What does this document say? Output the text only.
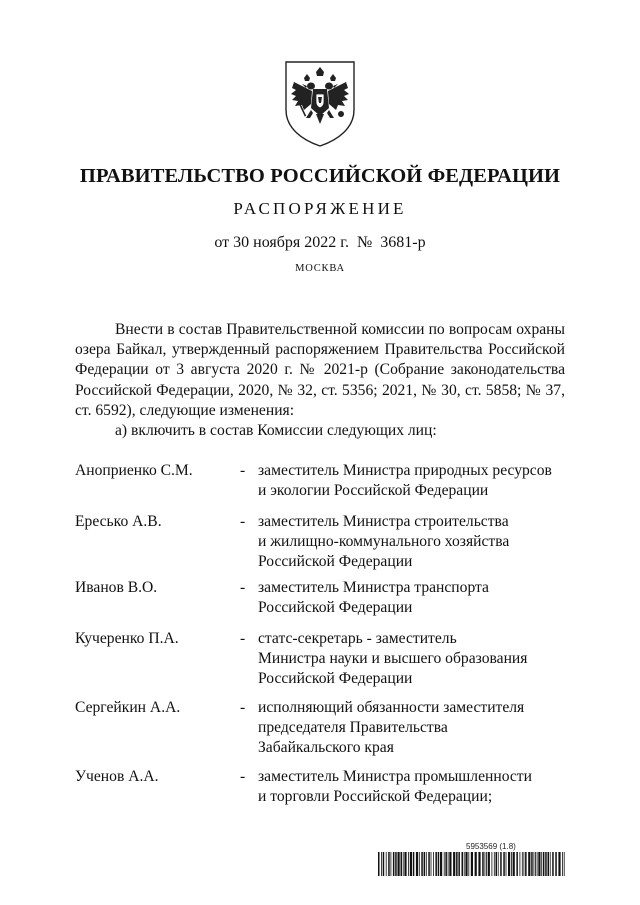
ПРАВИТЕЛЬСТВО РОССИЙСКОЙ ФЕДЕРАЦИИ
РАСПОРЯЖЕНИЕ
от 30 ноября 2022 г.  №  3681-р
МОСКВА

Внести в состав Правительственной комиссии по вопросам охраны озера Байкал, утвержденный распоряжением Правительства Российской Федерации от 3 августа 2020 г. № 2021-р (Собрание законодательства Российской Федерации, 2020, № 32, ст. 5356; 2021, № 30, ст. 5858; № 37, ст. 6592), следующие изменения:

а) включить в состав Комиссии следующих лиц:

Аноприенко С.М.	- заместитель Министра природных ресурсов
и экологии Российской Федерации
Ересько А.В.	- заместитель Министра строительства
и жилищно-коммунального хозяйства
Российской Федерации
Иванов В.О.	- заместитель Министра транспорта
Российской Федерации
Кучеренко П.А.	- статс-секретарь - заместитель
Министра науки и высшего образования
Российской Федерации
Сергейкин А.А.	- исполняющий обязанности заместителя
председателя Правительства
Забайкальского края
Ученов А.А.	- заместитель Министра промышленности
и торговли Российской Федерации;
5953569 (1.8)
